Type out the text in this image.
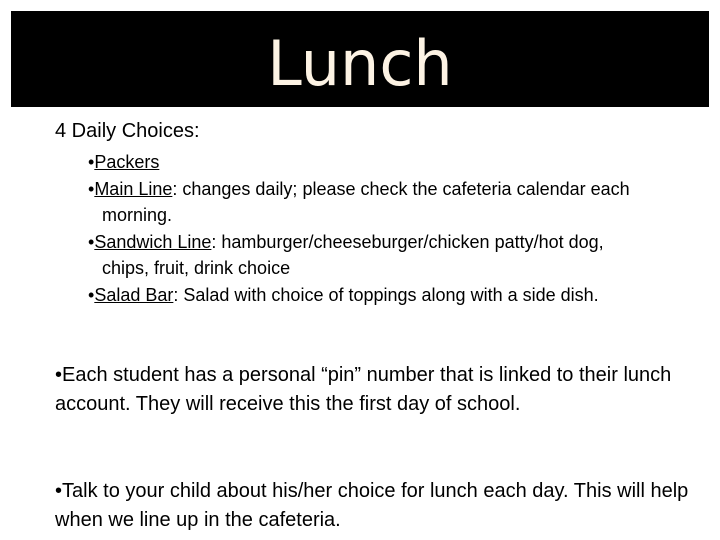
Lunch
4 Daily Choices:
•Packers
•Main Line: changes daily; please check the cafeteria calendar each morning.
•Sandwich Line: hamburger/cheeseburger/chicken patty/hot dog, chips, fruit, drink choice
•Salad Bar: Salad with choice of toppings along with a side dish.

•Each student has a personal “pin” number that is linked to their lunch account. They will receive this the first day of school.

•Talk to your child about his/her choice for lunch each day. This will help when we line up in the cafeteria.
